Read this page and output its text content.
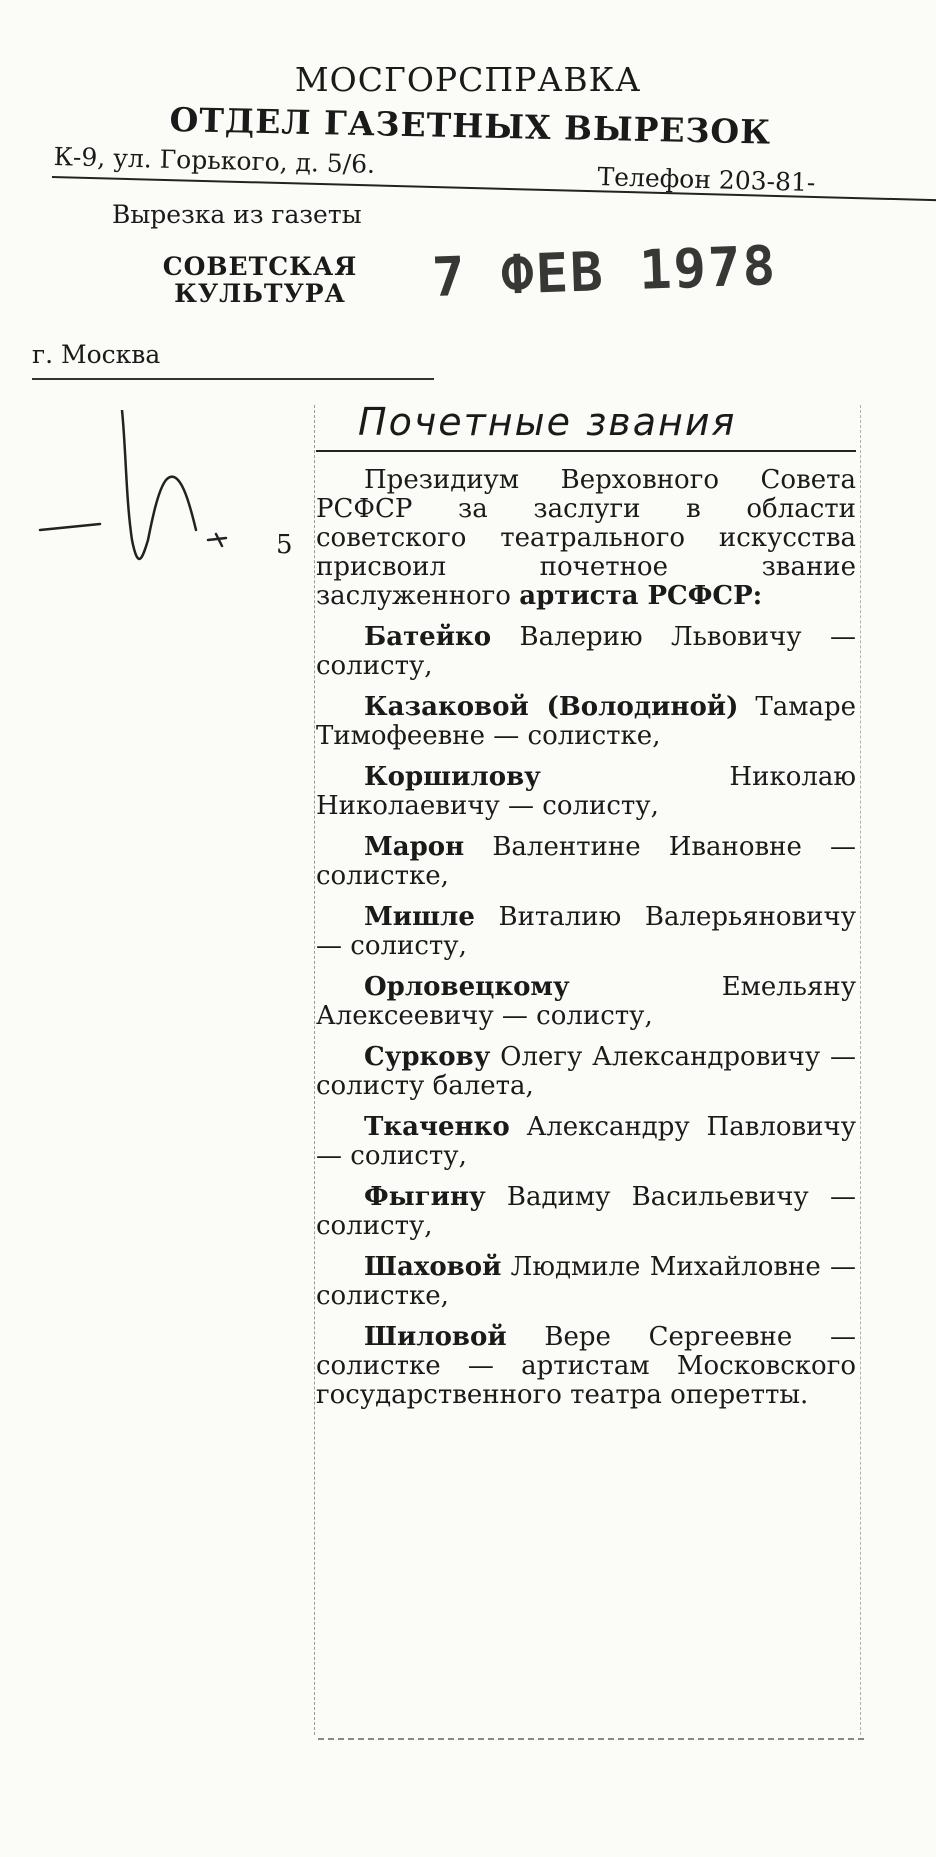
МОСГОРСПРАВКА
ОТДЕЛ ГАЗЕТНЫХ ВЫРЕЗОК
К-9, ул. Горького, д. 5/6.
Телефон 203-81-
Вырезка из газеты
СОВЕТСКАЯ
КУЛЬТУРА	7 ФЕВ 1978
г. Москва
5
Почетные звания

Президиум Верховного Совета РСФСР за заслуги в области советского театрального искусства присвоил почетное звание заслуженного артиста РСФСР:

Батейко Валерию Львовичу — солисту,

Казаковой (Володиной) Тамаре Тимофеевне — солистке,

Коршилову Николаю Николаевичу — солисту,

Марон Валентине Ивановне — солистке,

Мишле Виталию Валерьяновичу — солисту,

Орловецкому Емельяну Алексеевичу — солисту,

Суркову Олегу Александровичу — солисту балета,

Ткаченко Александру Павловичу — солисту,

Фыгину Вадиму Васильевичу — солисту,

Шаховой Людмиле Михайловне — солистке,

Шиловой Вере Сергеевне — солистке — артистам Московского государственного театра оперетты.
